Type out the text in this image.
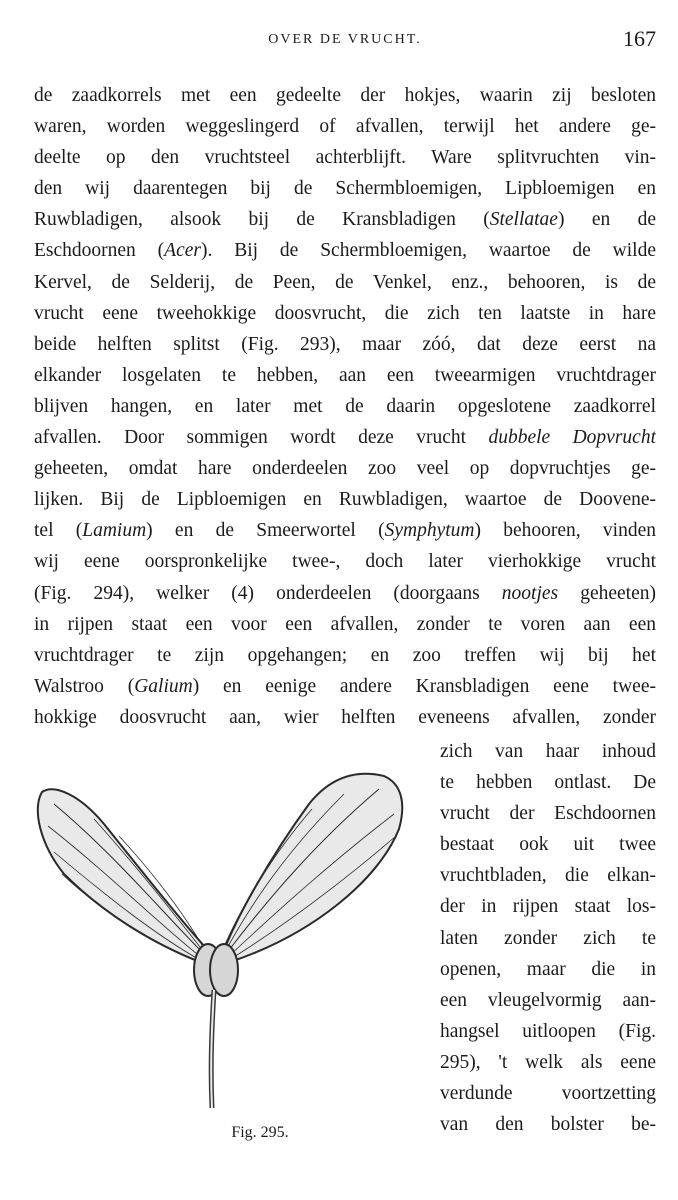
OVER DE VRUCHT.	167
de zaadkorrels met een gedeelte der hokjes, waarin zij besloten
waren, worden weggeslingerd of afvallen, terwijl het andere ge-
deelte op den vruchtsteel achterblijft. Ware splitvruchten vin-
den wij daarentegen bij de Schermbloemigen, Lipbloemigen en
Ruwbladigen, alsook bij de Kransbladigen (Stellatae) en de
Eschdoornen (Acer). Bij de Schermbloemigen, waartoe de wilde
Kervel, de Selderij, de Peen, de Venkel, enz., behooren, is de
vrucht eene tweehokkige doosvrucht, die zich ten laatste in hare
beide helften splitst (Fig. 293), maar zóó, dat deze eerst na
elkander losgelaten te hebben, aan een tweearmigen vruchtdrager
blijven hangen, en later met de daarin opgeslotene zaadkorrel
afvallen. Door sommigen wordt deze vrucht dubbele Dopvrucht
geheeten, omdat hare onderdeelen zoo veel op dopvruchtjes ge-
lijken. Bij de Lipbloemigen en Ruwbladigen, waartoe de Doovene-
tel (Lamium) en de Smeerwortel (Symphytum) behooren, vinden
wij eene oorspronkelijke twee-, doch later vierhokkige vrucht
(Fig. 294), welker (4) onderdeelen (doorgaans nootjes geheeten)
in rijpen staat een voor een afvallen, zonder te voren aan een
vruchtdrager te zijn opgehangen; en zoo treffen wij bij het
Walstroo (Galium) en eenige andere Kransbladigen eene twee-
hokkige doosvrucht aan, wier helften eveneens afvallen, zonder
zich van haar inhoud
te hebben ontlast. De
vrucht der Eschdoornen
bestaat ook uit twee
vruchtbladen, die elkan-
der in rijpen staat los-
laten zonder zich te
openen, maar die in
een vleugelvormig aan-
hangsel uitloopen (Fig.
295), 't welk als eene
verdunde voortzetting
van den bolster be-
Fig. 295.
